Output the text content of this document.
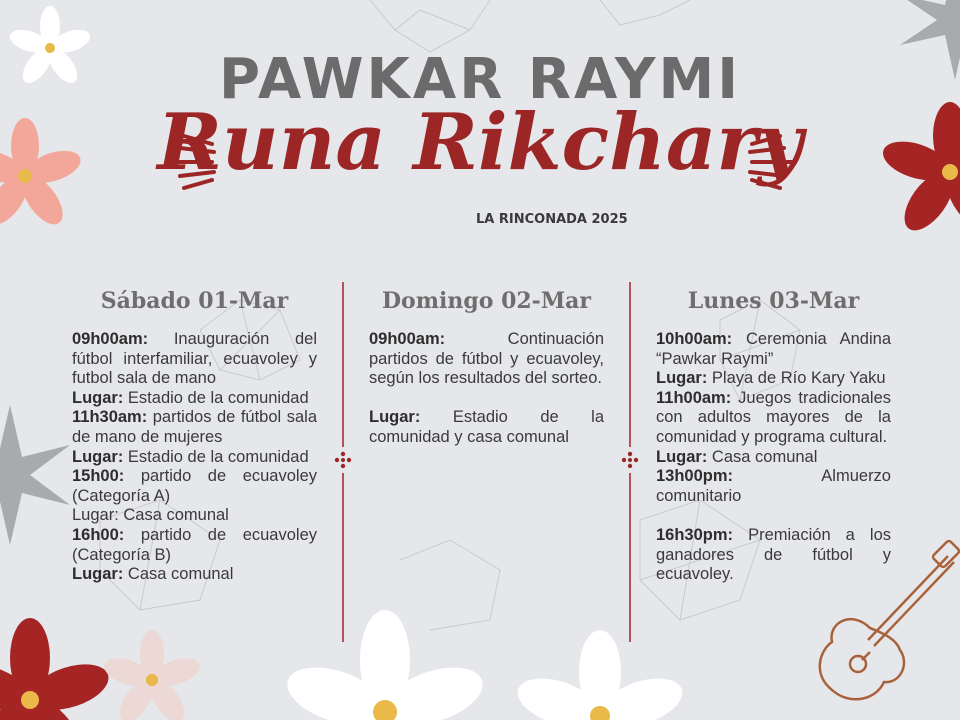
PAWKAR RAYMI
Runa Rikchary

LA RINCONADA 2025

Sábado 01-Mar

09h00am: Inauguración del fútbol interfamiliar, ecuavoley y futbol sala de mano

Lugar: Estadio de la comunidad

11h30am: partidos de fútbol sala de mano de mujeres

Lugar: Estadio de la comunidad

15h00: partido de ecuavoley (Categoría A)

Lugar: Casa comunal

16h00: partido de ecuavoley (Categoría B)

Lugar: Casa comunal

Domingo 02-Mar

09h00am: Continuación partidos de fútbol y ecuavoley, según los resultados del sorteo.

Lugar: Estadio de la comunidad y casa comunal

Lunes 03-Mar

10h00am: Ceremonia Andina “Pawkar Raymi”

Lugar: Playa de Río Kary Yaku

11h00am: Juegos tradicionales con adultos mayores de la comunidad y programa cultural.

Lugar: Casa comunal

13h00pm: Almuerzo comunitario

16h30pm: Premiación a los ganadores de fútbol y ecuavoley.
